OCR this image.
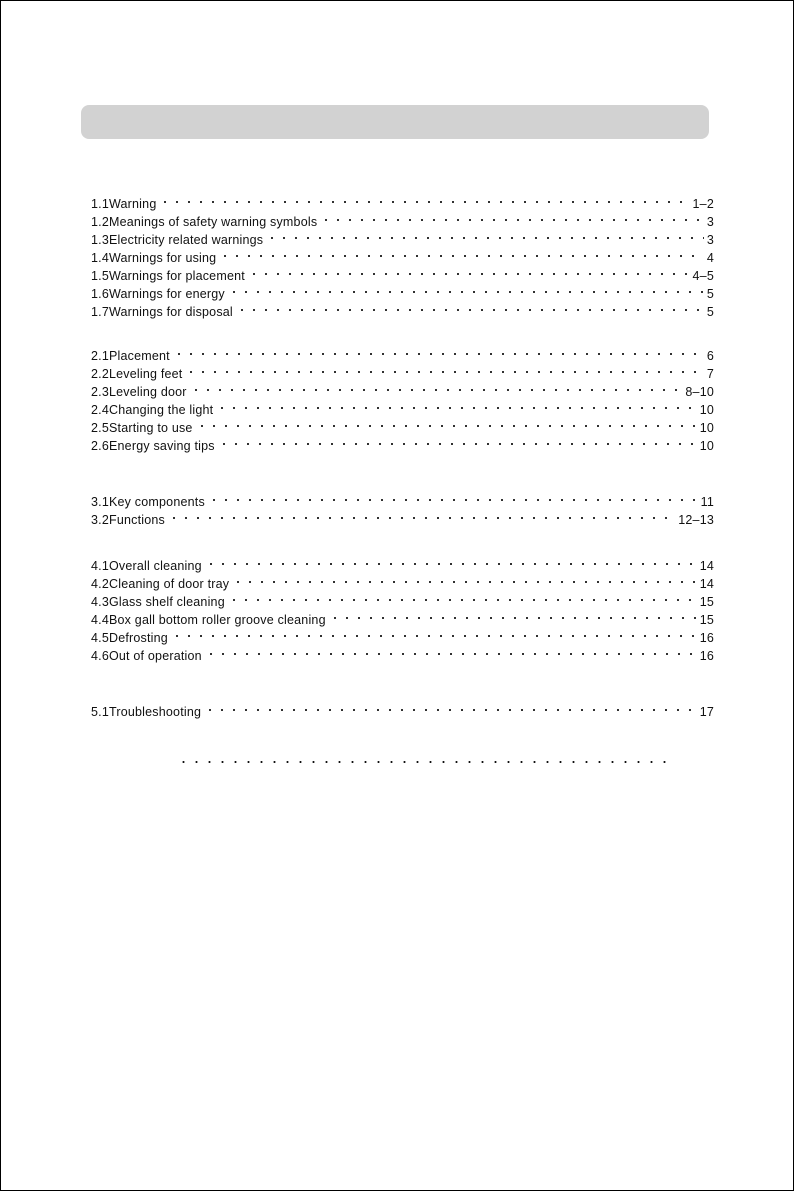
1.1 Warning	1–2
1.2 Meanings of safety warning symbols	3
1.3 Electricity related warnings	3
1.4 Warnings for using	4
1.5 Warnings for placement	4–5
1.6 Warnings for energy	5
1.7 Warnings for disposal	5
2.1 Placement	6
2.2 Leveling feet	7
2.3 Leveling door	8–10
2.4 Changing the light	10
2.5 Starting to use	10
2.6 Energy saving tips	10
3.1 Key components	11
3.2 Functions	12–13
4.1 Overall cleaning	14
4.2 Cleaning of door tray	14
4.3 Glass shelf cleaning	15
4.4 Box gall bottom roller groove cleaning	15
4.5 Defrosting	16
4.6 Out of operation	16
5.1 Troubleshooting	17
